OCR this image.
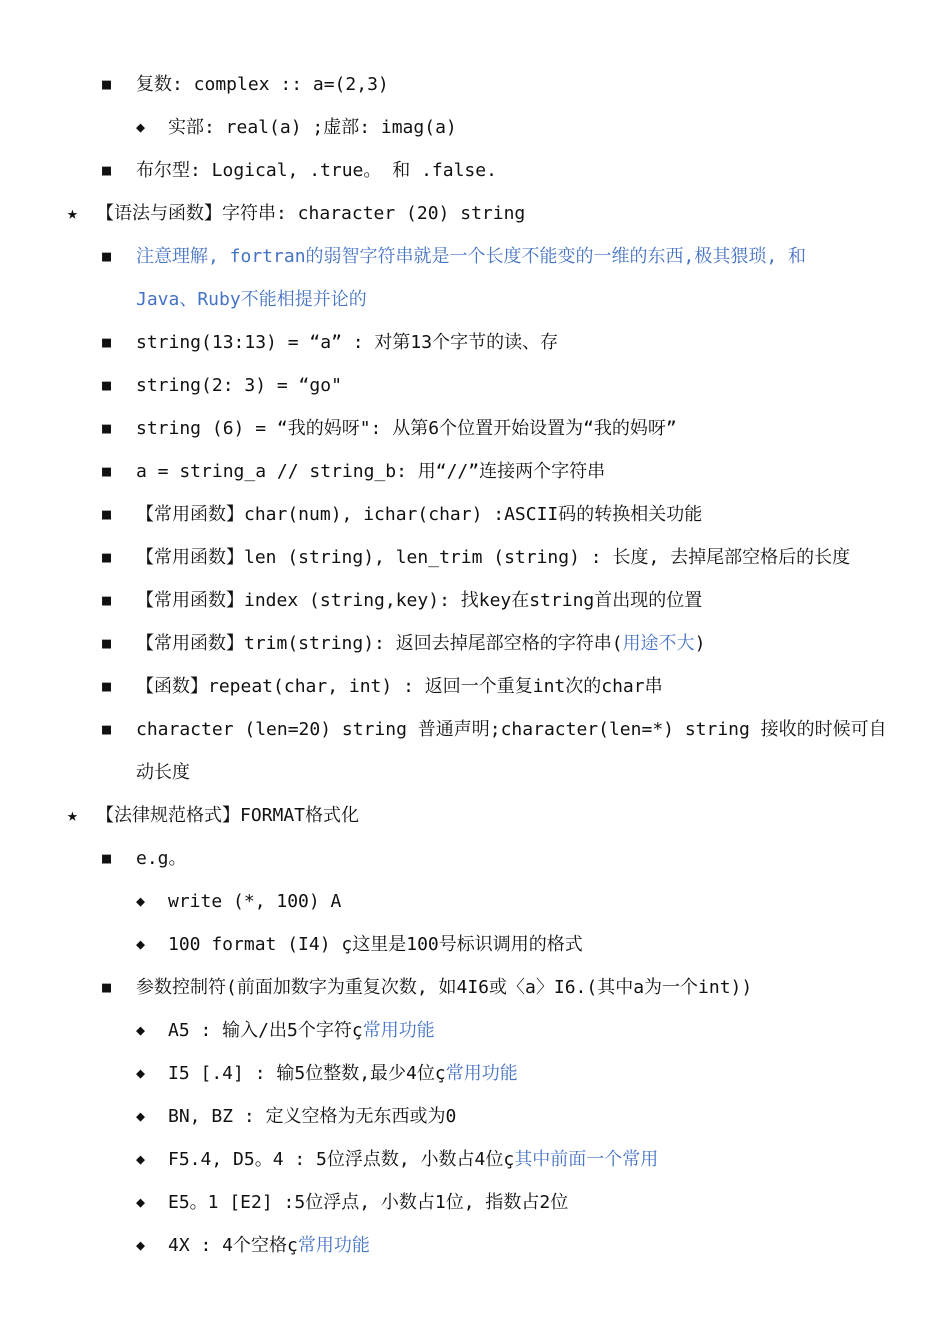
■ 复数: complex :: a=(2,3)
◆ 实部: real(a) ;虚部: imag(a)
■ 布尔型: Logical, .true。 和 .false.
★ 【语法与函数】字符串: character (20) string
■ 注意理解, fortran的弱智字符串就是一个长度不能变的一维的东西,极其猥琐, 和
Java、Ruby不能相提并论的
■ string(13:13) = “a” : 对第13个字节的读、存
■ string(2: 3) = “go"
■ string (6) = “我的妈呀": 从第6个位置开始设置为“我的妈呀”
■ a = string_a // string_b: 用“//”连接两个字符串
■ 【常用函数】char(num), ichar(char) :ASCII码的转换相关功能
■ 【常用函数】len (string), len_trim (string) : 长度, 去掉尾部空格后的长度
■ 【常用函数】index (string,key): 找key在string首出现的位置
■ 【常用函数】trim(string): 返回去掉尾部空格的字符串(用途不大)
■ 【函数】repeat(char, int) : 返回一个重复int次的char串
■ character (len=20) string 普通声明;character(len=*) string 接收的时候可自
动长度
★ 【法律规范格式】FORMAT格式化
■ e.g。
◆ write (*, 100) A
◆ 100 format (I4) ç这里是100号标识调用的格式
■ 参数控制符(前面加数字为重复次数, 如4I6或〈a〉I6.(其中a为一个int))
◆ A5 : 输入/出5个字符ç常用功能
◆ I5 [.4] : 输5位整数,最少4位ç常用功能
◆ BN, BZ : 定义空格为无东西或为0
◆ F5.4, D5。4 : 5位浮点数, 小数占4位ç其中前面一个常用
◆ E5。1 [E2] :5位浮点, 小数占1位, 指数占2位
◆ 4X : 4个空格ç常用功能
